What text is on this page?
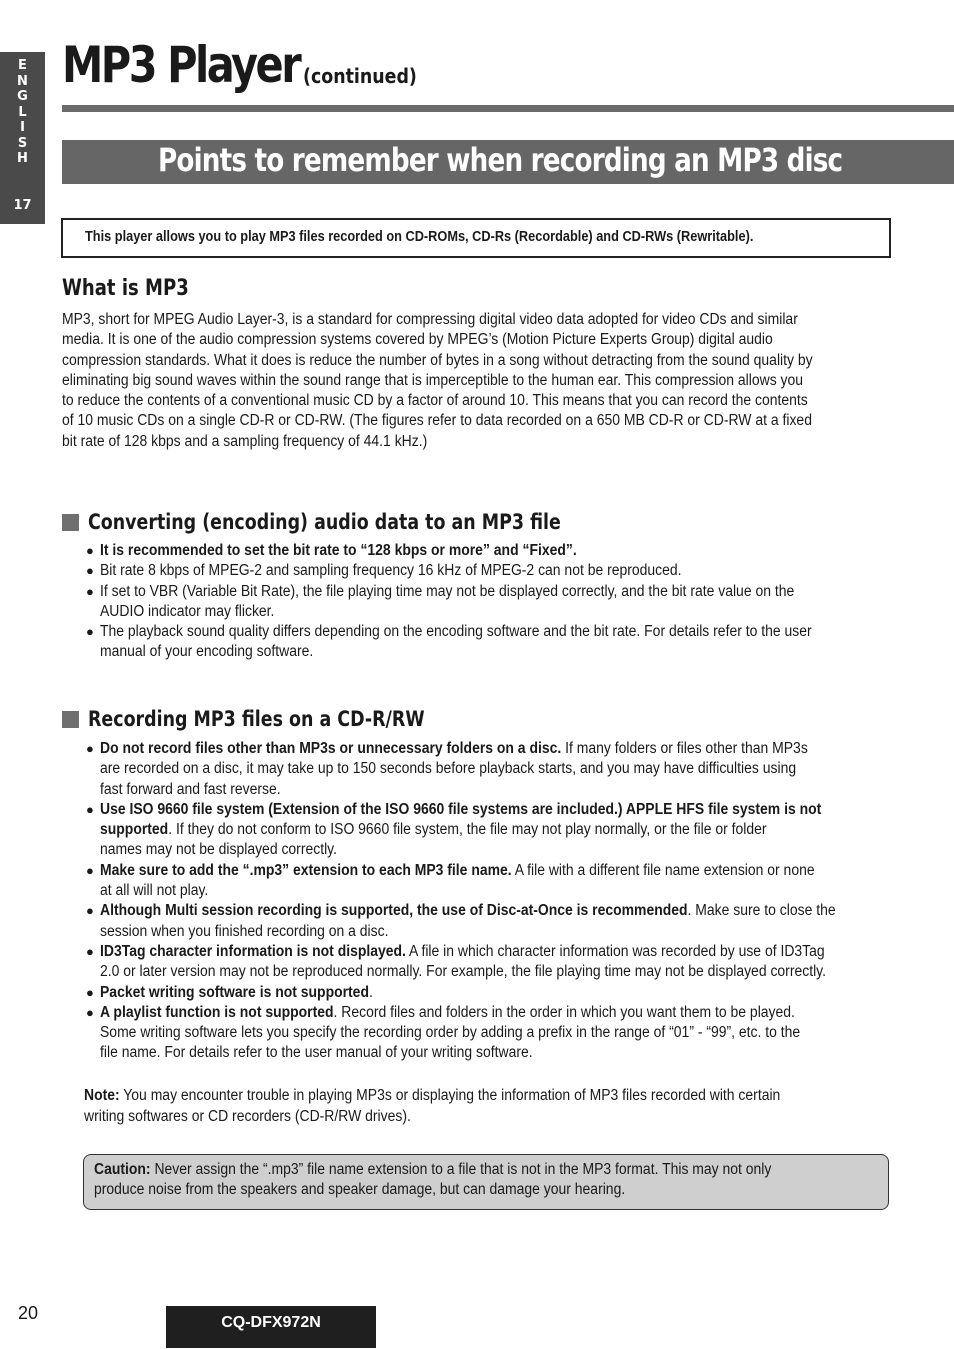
E
N
G
L
I
S
H
17
MP3 Player (continued)
Points to remember when recording an MP3 disc
This player allows you to play MP3 files recorded on CD-ROMs, CD-Rs (Recordable) and CD-RWs (Rewritable).
What is MP3
MP3, short for MPEG Audio Layer-3, is a standard for compressing digital video data adopted for video CDs and similar
media. It is one of the audio compression systems covered by MPEG’s (Motion Picture Experts Group) digital audio
compression standards. What it does is reduce the number of bytes in a song without detracting from the sound quality by
eliminating big sound waves within the sound range that is imperceptible to the human ear. This compression allows you
to reduce the contents of a conventional music CD by a factor of around 10. This means that you can record the contents
of 10 music CDs on a single CD-R or CD-RW. (The figures refer to data recorded on a 650 MB CD-R or CD-RW at a fixed
bit rate of 128 kbps and a sampling frequency of 44.1 kHz.)
Converting (encoding) audio data to an MP3 file
● It is recommended to set the bit rate to “128 kbps or more” and “Fixed”.
● Bit rate 8 kbps of MPEG-2 and sampling frequency 16 kHz of MPEG-2 can not be reproduced.
● If set to VBR (Variable Bit Rate), the file playing time may not be displayed correctly, and the bit rate value on the
AUDIO indicator may flicker.
● The playback sound quality differs depending on the encoding software and the bit rate. For details refer to the user
manual of your encoding software.
Recording MP3 files on a CD-R/RW
● Do not record files other than MP3s or unnecessary folders on a disc. If many folders or files other than MP3s
are recorded on a disc, it may take up to 150 seconds before playback starts, and you may have difficulties using
fast forward and fast reverse.
● Use ISO 9660 file system (Extension of the ISO 9660 file systems are included.) APPLE HFS file system is not
supported. If they do not conform to ISO 9660 file system, the file may not play normally, or the file or folder
names may not be displayed correctly.
● Make sure to add the “.mp3” extension to each MP3 file name. A file with a different file name extension or none
at all will not play.
● Although Multi session recording is supported, the use of Disc-at-Once is recommended. Make sure to close the
session when you finished recording on a disc.
● ID3Tag character information is not displayed. A file in which character information was recorded by use of ID3Tag
2.0 or later version may not be reproduced normally. For example, the file playing time may not be displayed correctly.
● Packet writing software is not supported.
● A playlist function is not supported. Record files and folders in the order in which you want them to be played.
Some writing software lets you specify the recording order by adding a prefix in the range of “01” - “99”, etc. to the
file name. For details refer to the user manual of your writing software.
Note: You may encounter trouble in playing MP3s or displaying the information of MP3 files recorded with certain
writing softwares or CD recorders (CD-R/RW drives).
Caution: Never assign the “.mp3” file name extension to a file that is not in the MP3 format. This may not only
produce noise from the speakers and speaker damage, but can damage your hearing.
20	CQ-DFX972N
